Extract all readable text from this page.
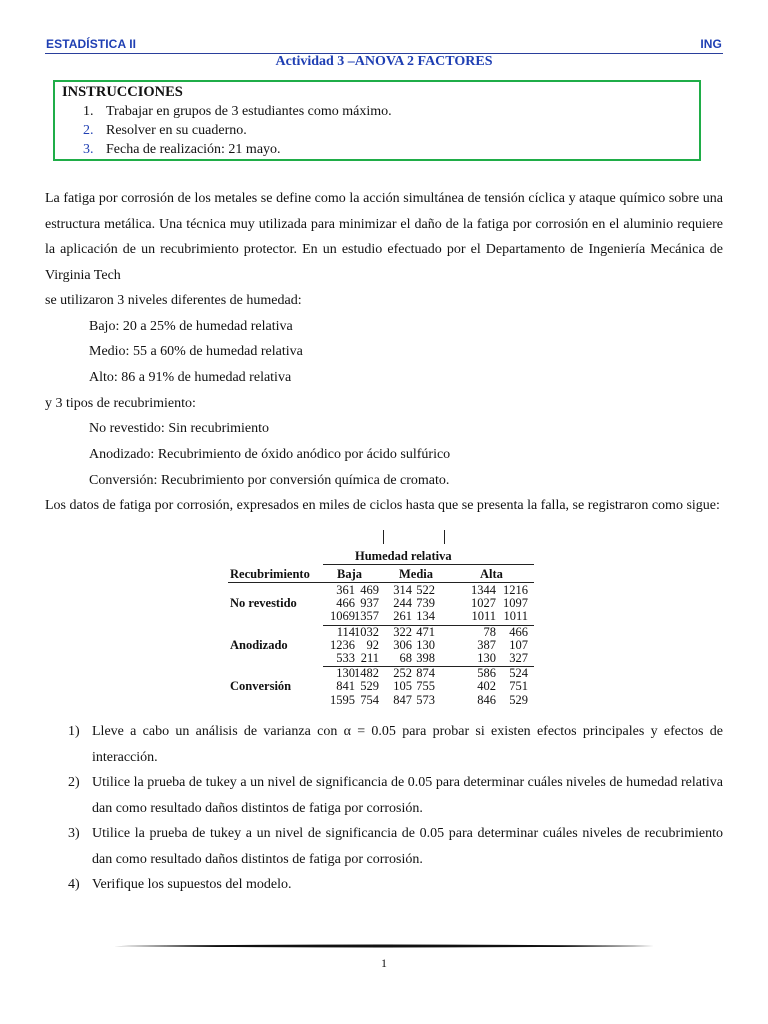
ESTADÍSTICA II	ING
Actividad 3 –ANOVA 2 FACTORES
INSTRUCCIONES
1. Trabajar en grupos de 3 estudiantes como máximo.
2. Resolver en su cuaderno.
3. Fecha de realización: 21 mayo.
La fatiga por corrosión de los metales se define como la acción simultánea de tensión cíclica y ataque químico sobre una estructura metálica. Una técnica muy utilizada para minimizar el daño de la fatiga por corrosión en el aluminio requiere la aplicación de un recubrimiento protector. En un estudio efectuado por el Departamento de Ingeniería Mecánica de Virginia Tech
se utilizaron 3 niveles diferentes de humedad:
Bajo: 20 a 25% de humedad relativa
Medio: 55 a 60% de humedad relativa
Alto: 86 a 91% de humedad relativa
y 3 tipos de recubrimiento:
No revestido: Sin recubrimiento
Anodizado: Recubrimiento de óxido anódico por ácido sulfúrico
Conversión: Recubrimiento por conversión química de cromato.
Los datos de fatiga por corrosión, expresados en miles de ciclos hasta que se presenta la falla, se registraron como sigue:
Humedad relativa
Recubrimiento Baja	Media	Alta
No revestido
361 469	314 522	1344 1216
466 937	244 739	1027 1097
1069 1357	261 134	1011 1011
Anodizado
114 1032	322 471	78	466
1236 92	306 130	387	107
533 211	68 398	130	327
Conversión
130 1482	252 874	586	524
841 529	105 755	402	751
1595 754	847 573	846	529
1) Lleve a cabo un análisis de varianza con α = 0.05 para probar si existen efectos principales y efectos de interacción.
2) Utilice la prueba de tukey a un nivel de significancia de 0.05 para determinar cuáles niveles de humedad relativa dan como resultado daños distintos de fatiga por corrosión.
3) Utilice la prueba de tukey a un nivel de significancia de 0.05 para determinar cuáles niveles de recubrimiento dan como resultado daños distintos de fatiga por corrosión.
4) Verifique los supuestos del modelo.
1
